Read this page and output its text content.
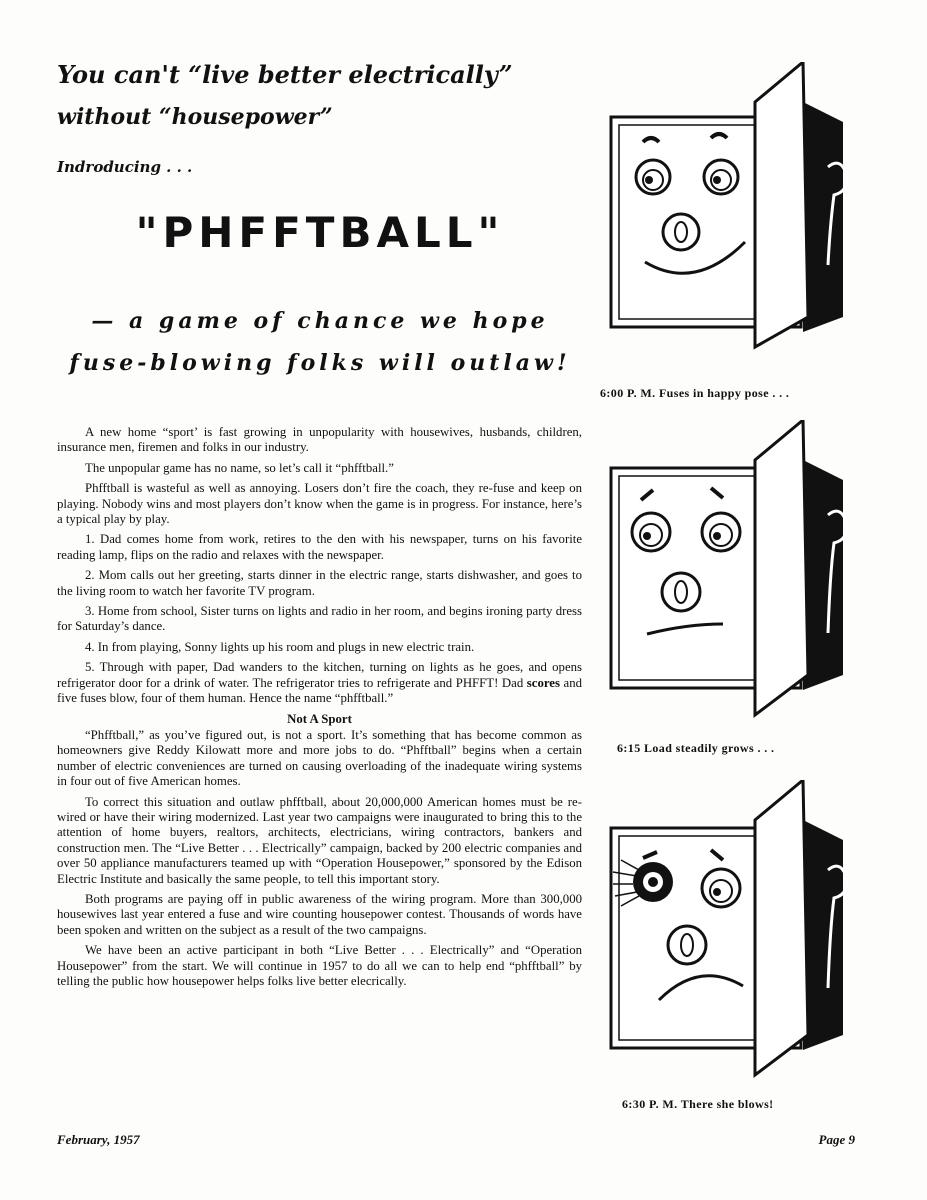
You can't “live better electrically”
without “housepower”
Indroducing . . .
"PHFFTBALL"
— a game of chance we hope
fuse-blowing folks will outlaw!

A new home “sport’ is fast growing in unpopularity with housewives, husbands, children, insurance men, firemen and folks in our industry.

The unpopular game has no name, so let’s call it “phfftball.”

Phfftball is wasteful as well as annoying. Losers don’t fire the coach, they re-fuse and keep on playing. Nobody wins and most players don’t know when the game is in progress. For instance, here’s a typical play by play.

1. Dad comes home from work, retires to the den with his newspaper, turns on his favorite reading lamp, flips on the radio and relaxes with the newspaper.

2. Mom calls out her greeting, starts dinner in the electric range, starts dishwasher, and goes to the living room to watch her favorite TV program.

3. Home from school, Sister turns on lights and radio in her room, and begins ironing party dress for Saturday’s dance.

4. In from playing, Sonny lights up his room and plugs in new electric train.

5. Through with paper, Dad wanders to the kitchen, turning on lights as he goes, and opens refrigerator door for a drink of water. The refrigerator tries to refrigerate and PHFFT! Dad scores and five fuses blow, four of them human. Hence the name “phfftball.”

Not A Sport

“Phfftball,” as you’ve figured out, is not a sport. It’s something that has become common as homeowners give Reddy Kilowatt more and more jobs to do. “Phfftball” begins when a certain number of electric conveniences are turned on causing overloading of the inadequate wiring systems in four out of five American homes.

To correct this situation and outlaw phfftball, about 20,000,000 American homes must be re-wired or have their wiring modernized. Last year two campaigns were inaugurated to bring this to the attention of home buyers, realtors, architects, electricians, wiring contractors, bankers and construction men. The “Live Better . . . Electrically” campaign, backed by 200 electric companies and over 50 appliance manufacturers teamed up with “Operation Housepower,” sponsored by the Edison Electric Institute and basically the same people, to tell this important story.

Both programs are paying off in public awareness of the wiring program. More than 300,000 housewives last year entered a fuse and wire counting housepower contest. Thousands of words have been spoken and written on the subject as a result of the two campaigns.

We have been an active participant in both “Live Better . . . Electrically” and “Operation Housepower” from the start. We will continue in 1957 to do all we can to help end “phfftball” by telling the public how housepower helps folks live better elecrically.

6:00 P. M. Fuses in happy pose . . .
6:15 Load steadily grows . . .
6:30 P. M. There she blows!
February, 1957	Page 9
